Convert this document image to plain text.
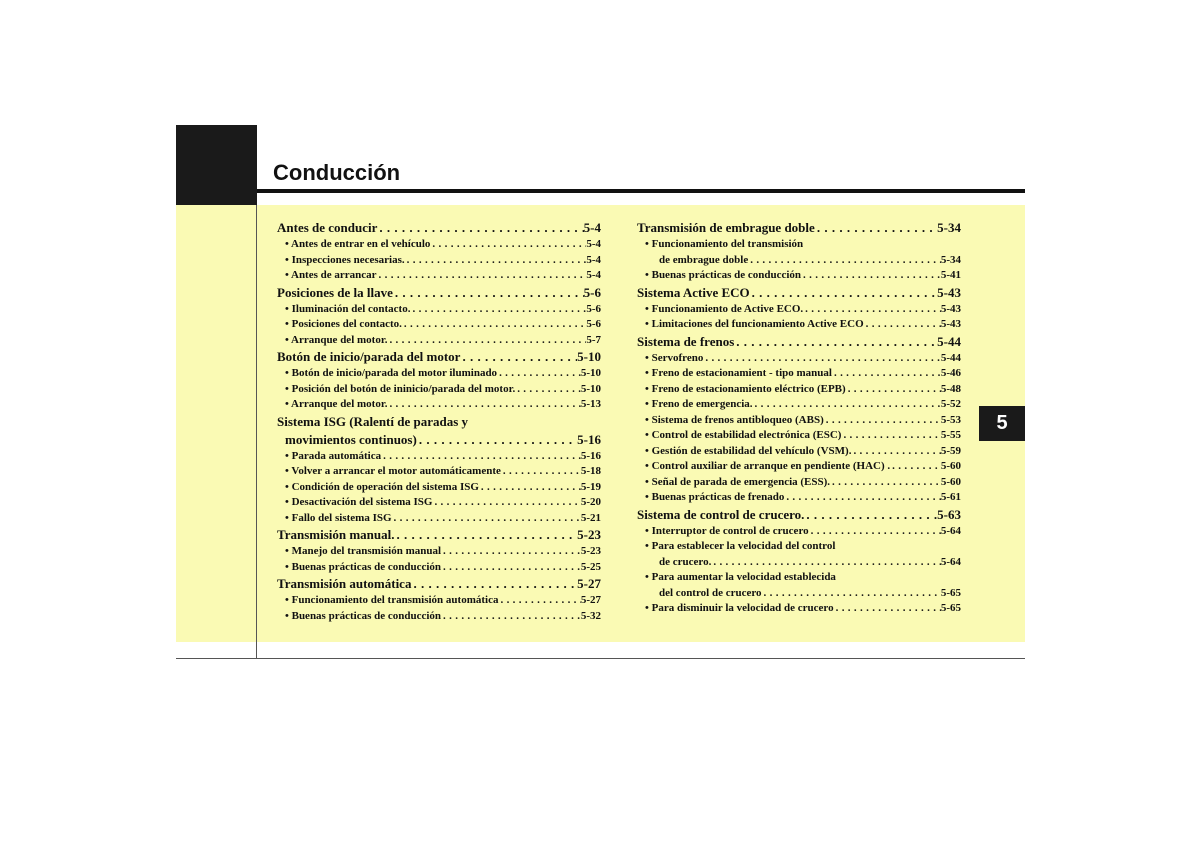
Conducción
5
Antes de conducir . . .	5-4
• Antes de entrar en el vehículo . . .	5-4
• Inspecciones necesarias. . . .	5-4
• Antes de arrancar . . .	5-4
Posiciones de la llave . . .	5-6
• Iluminación del contacto. . . .	5-6
• Posiciones del contacto. . . .	5-6
• Arranque del motor. . . .	5-7
Botón de inicio/parada del motor . . .	5-10
• Botón de inicio/parada del motor iluminado . . .	5-10
• Posición del botón de ininicio/parada del motor. . . .	5-10
• Arranque del motor. . . .	5-13
Sistema ISG (Ralentí de paradas y
movimientos continuos) . . .	5-16
• Parada automática . . .	5-16
• Volver a arrancar el motor automáticamente . . .	5-18
• Condición de operación del sistema ISG . . .	5-19
• Desactivación del sistema ISG . . .	5-20
• Fallo del sistema ISG . . .	5-21
Transmisión manual. . . .	5-23
• Manejo del transmisión manual . . .	5-23
• Buenas prácticas de conducción . . .	5-25
Transmisión automática . . .	5-27
• Funcionamiento del transmisión automática . . .	5-27
• Buenas prácticas de conducción . . .	5-32
Transmisión de embrague doble . . .	5-34
• Funcionamiento del transmisión
de embrague doble . . .	5-34
• Buenas prácticas de conducción . . .	5-41
Sistema Active ECO . . .	5-43
• Funcionamiento de Active ECO. . . .	5-43
• Limitaciones del funcionamiento Active ECO . . .	5-43
Sistema de frenos . . .	5-44
• Servofreno . . .	5-44
• Freno de estacionamient - tipo manual . . .	5-46
• Freno de estacionamiento eléctrico (EPB) . . .	5-48
• Freno de emergencia. . . .	5-52
• Sistema de frenos antibloqueo (ABS) . . .	5-53
• Control de estabilidad electrónica (ESC) . . .	5-55
• Gestión de estabilidad del vehículo (VSM). . . .	5-59
• Control auxiliar de arranque en pendiente (HAC) . . . .	5-60
• Señal de parada de emergencia (ESS). . . .	5-60
• Buenas prácticas de frenado . . .	5-61
Sistema de control de crucero. . . .	5-63
• Interruptor de control de crucero . . .	5-64
• Para establecer la velocidad del control
de crucero. . . .	5-64
• Para aumentar la velocidad establecida
del control de crucero . . .	5-65
• Para disminuir la velocidad de crucero . . .	5-65
